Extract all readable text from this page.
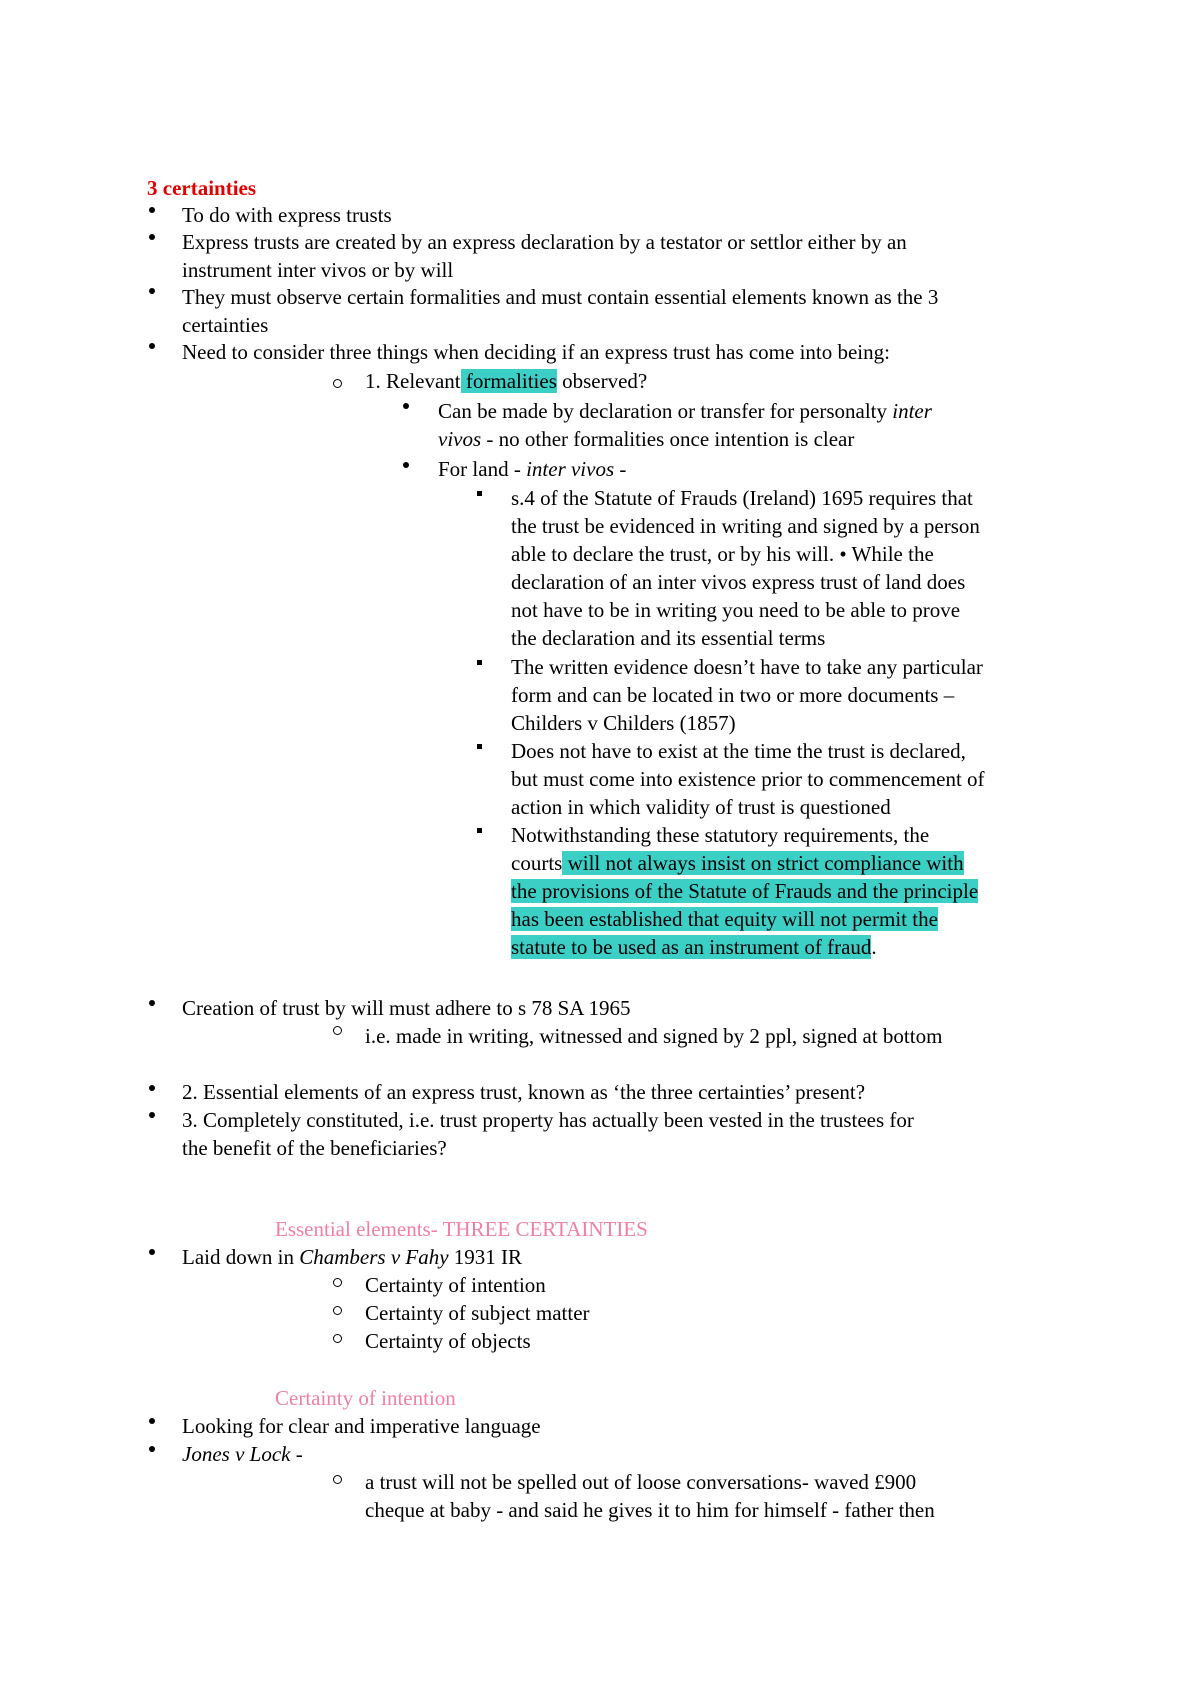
3 certainties
To do with express trusts
Express trusts are created by an express declaration by a testator or settlor either by an
instrument inter vivos or by will
They must observe certain formalities and must contain essential elements known as the 3
certainties
Need to consider three things when deciding if an express trust has come into being:
1. Relevant formalities observed?
Can be made by declaration or transfer for personalty inter
vivos - no other formalities once intention is clear
For land - inter vivos -
s.4 of the Statute of Frauds (Ireland) 1695 requires that
the trust be evidenced in writing and signed by a person
able to declare the trust, or by his will. • While the
declaration of an inter vivos express trust of land does
not have to be in writing you need to be able to prove
the declaration and its essential terms
The written evidence doesn’t have to take any particular
form and can be located in two or more documents –
Childers v Childers (1857)
Does not have to exist at the time the trust is declared,
but must come into existence prior to commencement of
action in which validity of trust is questioned
Notwithstanding these statutory requirements, the
courts will not always insist on strict compliance with
the provisions of the Statute of Frauds and the principle
has been established that equity will not permit the
statute to be used as an instrument of fraud.
Creation of trust by will must adhere to s 78 SA 1965
i.e. made in writing, witnessed and signed by 2 ppl, signed at bottom
2. Essential elements of an express trust, known as ‘the three certainties’ present?
3. Completely constituted, i.e. trust property has actually been vested in the trustees for
the benefit of the beneficiaries?
Essential elements- THREE CERTAINTIES
Laid down in Chambers v Fahy 1931 IR
Certainty of intention
Certainty of subject matter
Certainty of objects
Certainty of intention
Looking for clear and imperative language
Jones v Lock -
a trust will not be spelled out of loose conversations- waved £900
cheque at baby - and said he gives it to him for himself - father then
